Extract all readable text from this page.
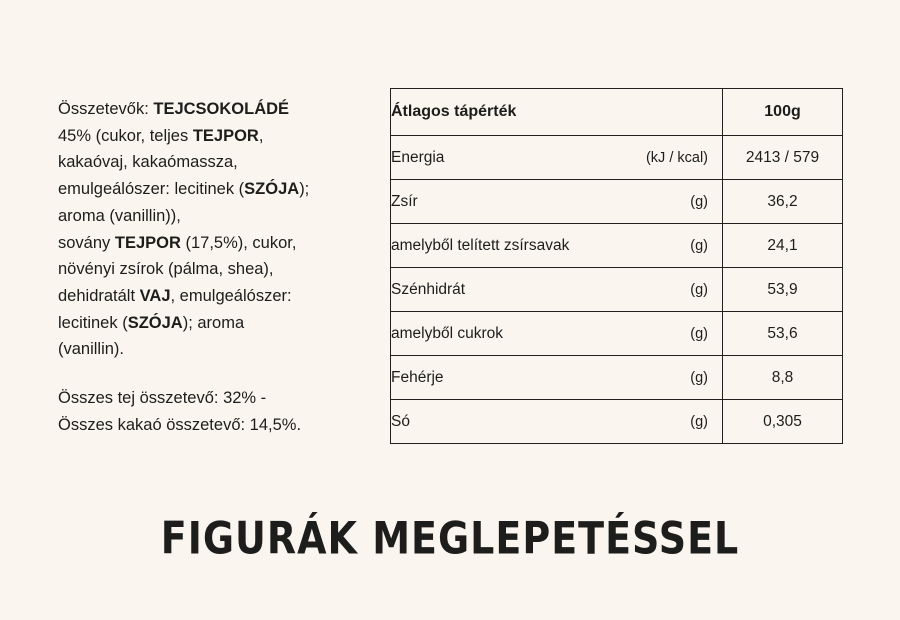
Összetevők: TEJCSOKOLÁDÉ

45% (cukor, teljes TEJPOR,

kakaóvaj, kakaómassza,

emulgeálószer: lecitinek (SZÓJA);

aroma (vanillin)),

sovány TEJPOR (17,5%), cukor,

növényi zsírok (pálma, shea),

dehidratált VAJ, emulgeálószer:

lecitinek (SZÓJA); aroma

(vanillin).

Összes tej összetevő: 32% -

Összes kakaó összetevő: 14,5%.

Átlagos tápérték	100g
Energia (kJ / kcal)	2413 / 579
Zsír (g)	36,2
amelyből telített zsírsavak (g)	24,1
Szénhidrát (g)	53,9
amelyből cukrok (g)	53,6
Fehérje (g)	8,8
Só (g)	0,305
FIGURÁK MEGLEPETÉSSEL
